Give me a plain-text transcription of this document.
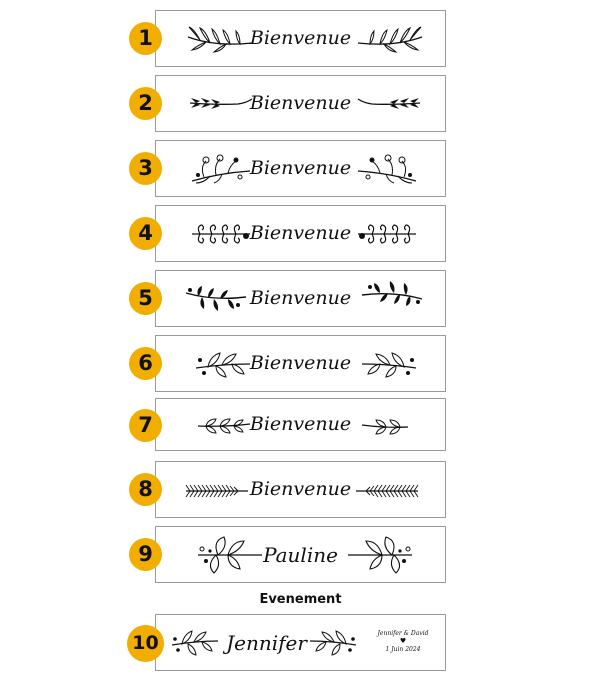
Bienvenue
1
Bienvenue
2
Bienvenue
3
Bienvenue
4
Bienvenue
5
Bienvenue
6
Bienvenue
7
Bienvenue
8
Pauline
9
Evenement
Jennifer	Jennifer & David
♥
1 Juin 2024
10
